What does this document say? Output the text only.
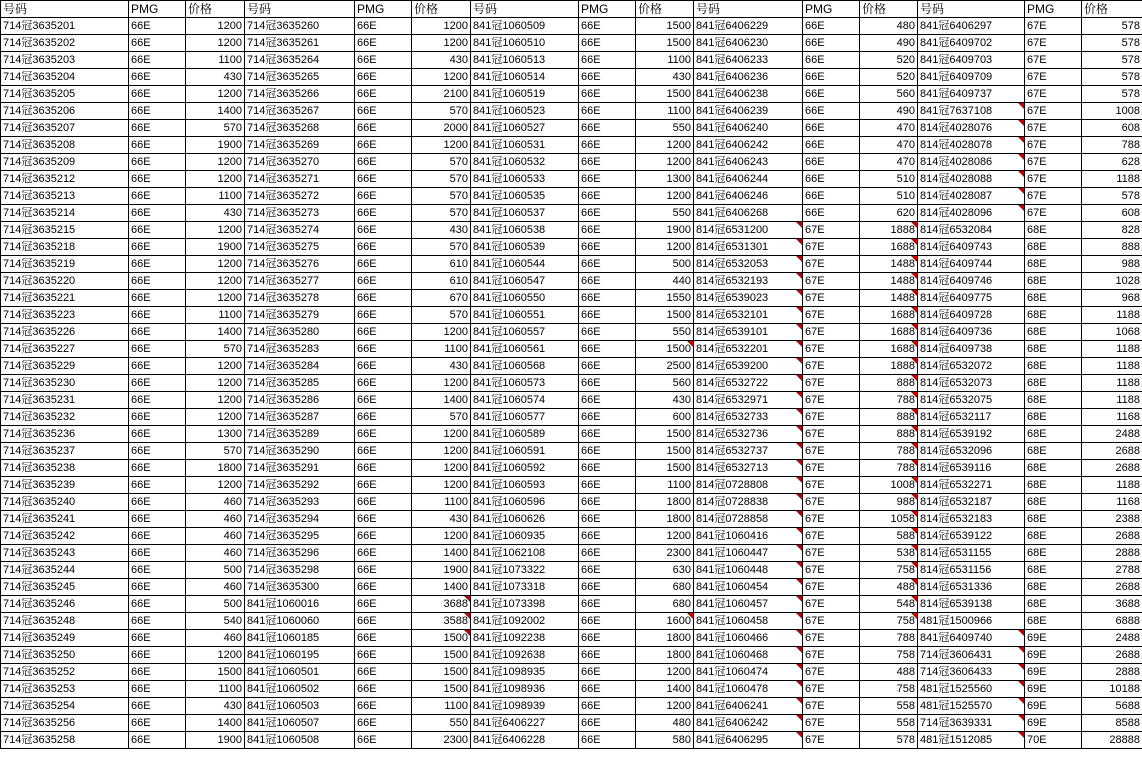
号码	PMG	价格	号码	PMG	价格	号码	PMG	价格	号码	PMG	价格	号码	PMG	价格
714冠3635201	66E	1200	714冠3635260	66E	1200	841冠1060509	66E	1500	841冠6406229	66E	480	841冠6406297	67E	578
714冠3635202	66E	1200	714冠3635261	66E	1200	841冠1060510	66E	1500	841冠6406230	66E	490	841冠6409702	67E	578
714冠3635203	66E	1100	714冠3635264	66E	430	841冠1060513	66E	1100	841冠6406233	66E	520	841冠6409703	67E	578
714冠3635204	66E	430	714冠3635265	66E	1200	841冠1060514	66E	430	841冠6406236	66E	520	841冠6409709	67E	578
714冠3635205	66E	1200	714冠3635266	66E	2100	841冠1060519	66E	1500	841冠6406238	66E	560	841冠6409737	67E	578
714冠3635206	66E	1400	714冠3635267	66E	570	841冠1060523	66E	1100	841冠6406239	66E	490	841冠7637108	67E	1008
714冠3635207	66E	570	714冠3635268	66E	2000	841冠1060527	66E	550	841冠6406240	66E	470	814冠4028076	67E	608
714冠3635208	66E	1900	714冠3635269	66E	1200	841冠1060531	66E	1200	841冠6406242	66E	470	814冠4028078	67E	788
714冠3635209	66E	1200	714冠3635270	66E	570	841冠1060532	66E	1200	841冠6406243	66E	470	814冠4028086	67E	628
714冠3635212	66E	1200	714冠3635271	66E	570	841冠1060533	66E	1300	841冠6406244	66E	510	814冠4028088	67E	1188
714冠3635213	66E	1100	714冠3635272	66E	570	841冠1060535	66E	1200	841冠6406246	66E	510	814冠4028087	67E	578
714冠3635214	66E	430	714冠3635273	66E	570	841冠1060537	66E	550	841冠6406268	66E	620	814冠4028096	67E	608
714冠3635215	66E	1200	714冠3635274	66E	430	841冠1060538	66E	1900	814冠6531200	67E	1888	814冠6532084	68E	828
714冠3635218	66E	1900	714冠3635275	66E	570	841冠1060539	66E	1200	814冠6531301	67E	1688	814冠6409743	68E	888
714冠3635219	66E	1200	714冠3635276	66E	610	841冠1060544	66E	500	814冠6532053	67E	1488	814冠6409744	68E	988
714冠3635220	66E	1200	714冠3635277	66E	610	841冠1060547	66E	440	814冠6532193	67E	1488	814冠6409746	68E	1028
714冠3635221	66E	1200	714冠3635278	66E	670	841冠1060550	66E	1550	814冠6539023	67E	1488	814冠6409775	68E	968
714冠3635223	66E	1100	714冠3635279	66E	570	841冠1060551	66E	1500	814冠6532101	67E	1688	814冠6409728	68E	1188
714冠3635226	66E	1400	714冠3635280	66E	1200	841冠1060557	66E	550	814冠6539101	67E	1688	814冠6409736	68E	1068
714冠3635227	66E	570	714冠3635283	66E	1100	841冠1060561	66E	1500	814冠6532201	67E	1688	814冠6409738	68E	1188
714冠3635229	66E	1200	714冠3635284	66E	430	841冠1060568	66E	2500	814冠6539200	67E	1888	814冠6532072	68E	1188
714冠3635230	66E	1200	714冠3635285	66E	1200	841冠1060573	66E	560	814冠6532722	67E	888	814冠6532073	68E	1188
714冠3635231	66E	1200	714冠3635286	66E	1400	841冠1060574	66E	430	814冠6532971	67E	788	814冠6532075	68E	1188
714冠3635232	66E	1200	714冠3635287	66E	570	841冠1060577	66E	600	814冠6532733	67E	888	814冠6532117	68E	1168
714冠3635236	66E	1300	714冠3635289	66E	1200	841冠1060589	66E	1500	814冠6532736	67E	888	814冠6539192	68E	2488
714冠3635237	66E	570	714冠3635290	66E	1200	841冠1060591	66E	1500	814冠6532737	67E	788	814冠6532096	68E	2688
714冠3635238	66E	1800	714冠3635291	66E	1200	841冠1060592	66E	1500	814冠6532713	67E	788	814冠6539116	68E	2688
714冠3635239	66E	1200	714冠3635292	66E	1200	841冠1060593	66E	1100	814冠0728808	67E	1008	814冠6532271	68E	1188
714冠3635240	66E	460	714冠3635293	66E	1100	841冠1060596	66E	1800	814冠0728838	67E	988	814冠6532187	68E	1168
714冠3635241	66E	460	714冠3635294	66E	430	841冠1060626	66E	1800	814冠0728858	67E	1058	814冠6532183	68E	2388
714冠3635242	66E	460	714冠3635295	66E	1200	841冠1060935	66E	1200	841冠1060416	67E	588	814冠6539122	68E	2688
714冠3635243	66E	460	714冠3635296	66E	1400	841冠1062108	66E	2300	841冠1060447	67E	538	814冠6531155	68E	2888
714冠3635244	66E	500	714冠3635298	66E	1900	841冠1073322	66E	630	841冠1060448	67E	758	814冠6531156	68E	2788
714冠3635245	66E	460	714冠3635300	66E	1400	841冠1073318	66E	680	841冠1060454	67E	488	814冠6531336	68E	2688
714冠3635246	66E	500	841冠1060016	66E	3688	841冠1073398	66E	680	841冠1060457	67E	548	814冠6539138	68E	3688
714冠3635248	66E	540	841冠1060060	66E	3588	841冠1092002	66E	1600	841冠1060458	67E	758	481冠1500966	68E	6888
714冠3635249	66E	460	841冠1060185	66E	1500	841冠1092238	66E	1800	841冠1060466	67E	788	841冠6409740	69E	2488
714冠3635250	66E	1200	841冠1060195	66E	1500	841冠1092638	66E	1800	841冠1060468	67E	758	714冠3606431	69E	2688
714冠3635252	66E	1500	841冠1060501	66E	1500	841冠1098935	66E	1200	841冠1060474	67E	488	714冠3606433	69E	2888
714冠3635253	66E	1100	841冠1060502	66E	1500	841冠1098936	66E	1400	841冠1060478	67E	758	481冠1525560	69E	10188
714冠3635254	66E	430	841冠1060503	66E	1100	841冠1098939	66E	1200	841冠6406241	67E	558	481冠1525570	69E	5688
714冠3635256	66E	1400	841冠1060507	66E	550	841冠6406227	66E	480	841冠6406242	67E	558	714冠3639331	69E	8588
714冠3635258	66E	1900	841冠1060508	66E	2300	841冠6406228	66E	580	841冠6406295	67E	578	481冠1512085	70E	28888
